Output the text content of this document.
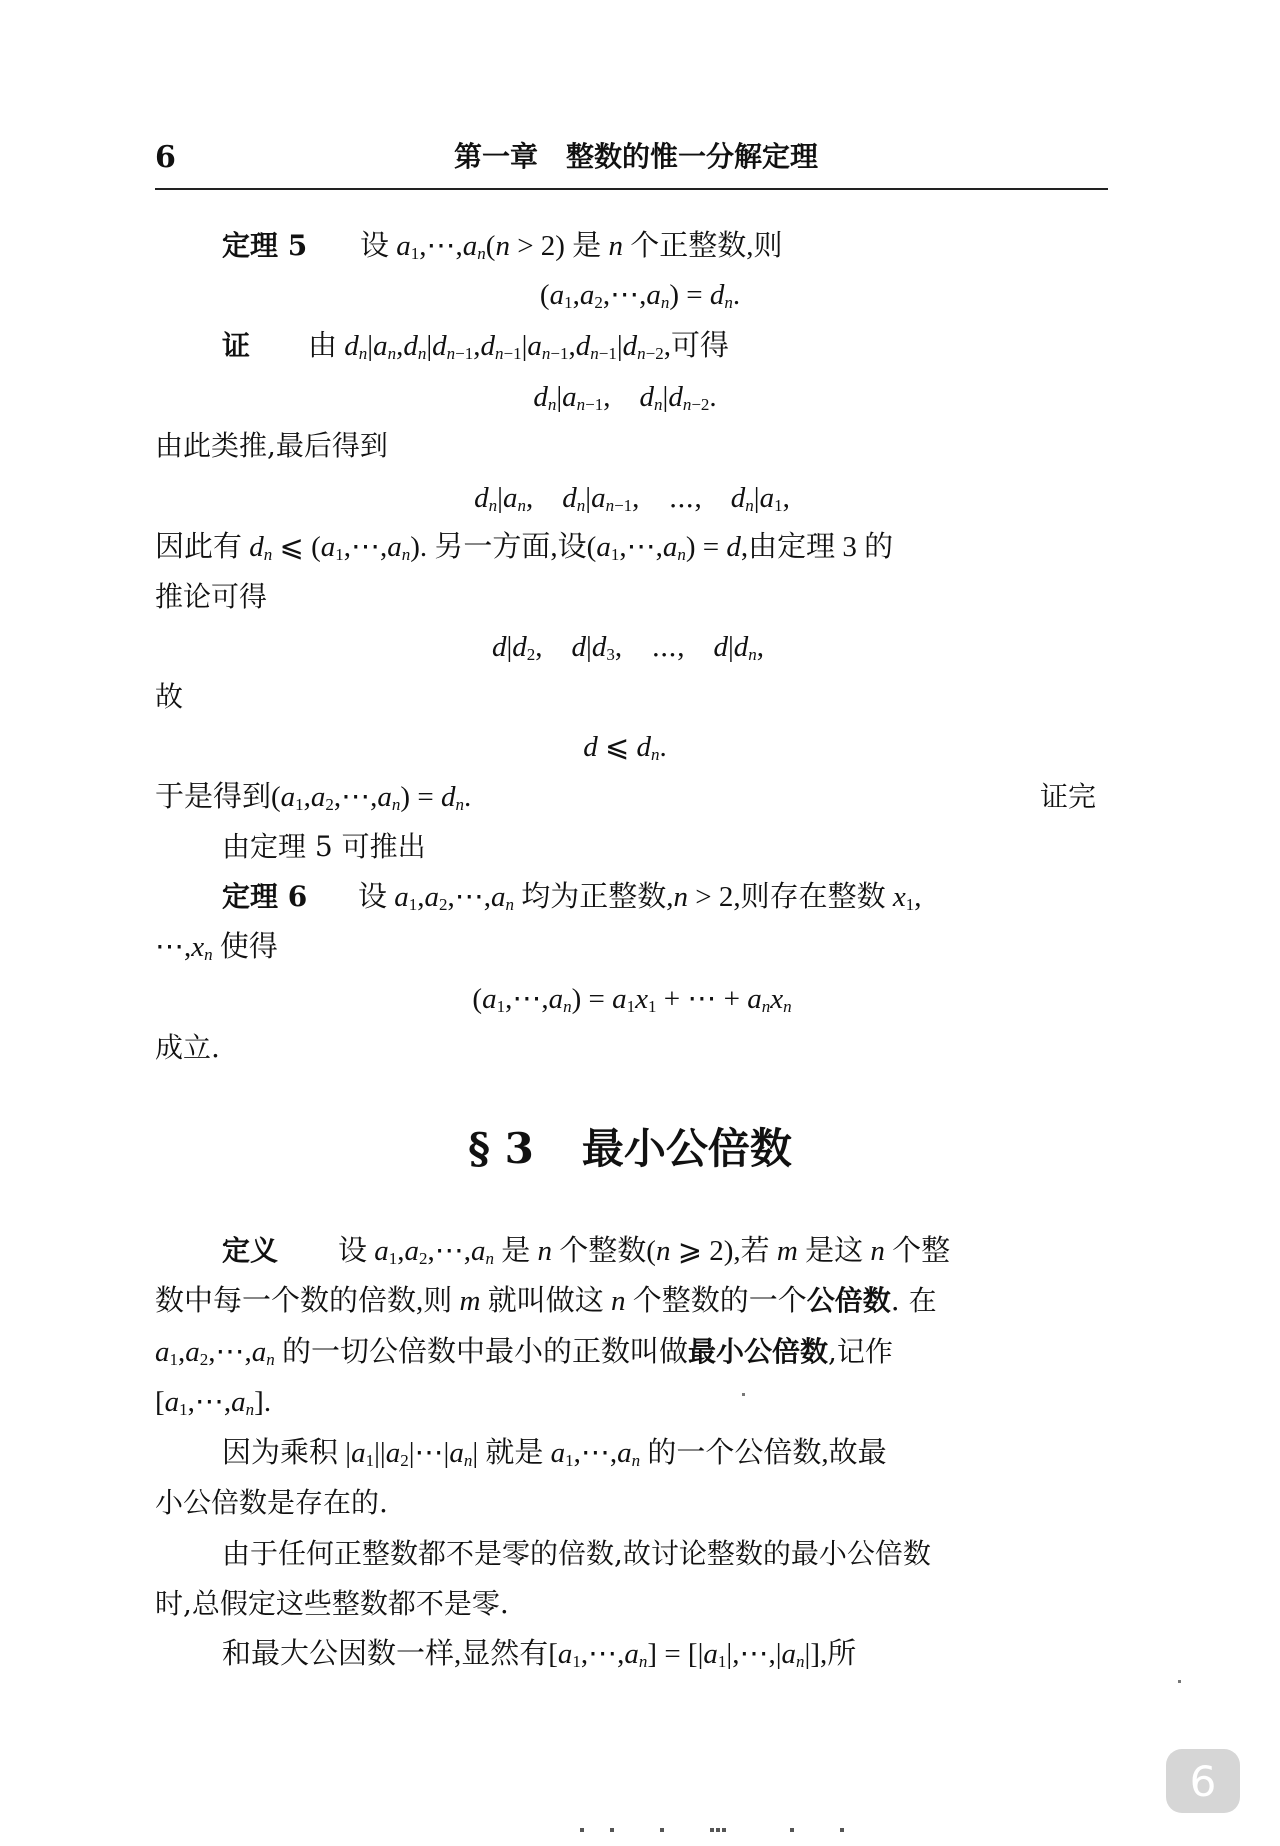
6	第一章　整数的惟一分解定理
定理 5 设 $a_1,\cdots,a_n(n > 2)$ 是 n 个正整数,则
$(a_1,a_2,\cdots,a_n) = d_n$.
证 由 $d_n|a_n,d_n|d_{n-1},d_{n-1}|a_{n-1},d_{n-1}|d_{n-2}$,可得
$d_n|a_{n-1}$,　$d_n|d_{n-2}$.
由此类推,最后得到
$d_n|a_n$,　$d_n|a_{n-1}$,　⋯,　$d_n|a_1$,
因此有 $d_n$ ⩽ $(a_1,\cdots,a_n)$. 另一方面,设$(a_1,\cdots,a_n) = d$,由定理 3 的
推论可得
$d|d_2$,　$d|d_3$,　⋯,　$d|d_n$,
故
d ⩽ $d_n$.
于是得到$(a_1,a_2,\cdots,a_n) = d_n$.	证完
由定理 5 可推出
定理 6 设 $a_1,a_2,\cdots,a_n$ 均为正整数,n > 2,则存在整数 $x_1$,
$\cdots,x_n$ 使得
$(a_1,\cdots,a_n) = a_1x_1$ + ⋯ + $a_nx_n$
成立.
§ 3 最小公倍数
定义 设 $a_1,a_2,\cdots,a_n$ 是 n 个整数(n ⩾ 2),若 m 是这 n 个整
数中每一个数的倍数,则 m 就叫做这 n 个整数的一个公倍数. 在
$a_1,a_2,\cdots,a_n$ 的一切公倍数中最小的正数叫做最小公倍数,记作
$[a_1,\cdots,a_n]$.
因为乘积 $|a_1||a_2|\cdots|a_n|$ 就是 $a_1,\cdots,a_n$ 的一个公倍数,故最
小公倍数是存在的.
由于任何正整数都不是零的倍数,故讨论整数的最小公倍数
时,总假定这些整数都不是零.
和最大公因数一样,显然有$[a_1,\cdots,a_n]$ = $[|a_1|,\cdots,|a_n|]$,所
6
